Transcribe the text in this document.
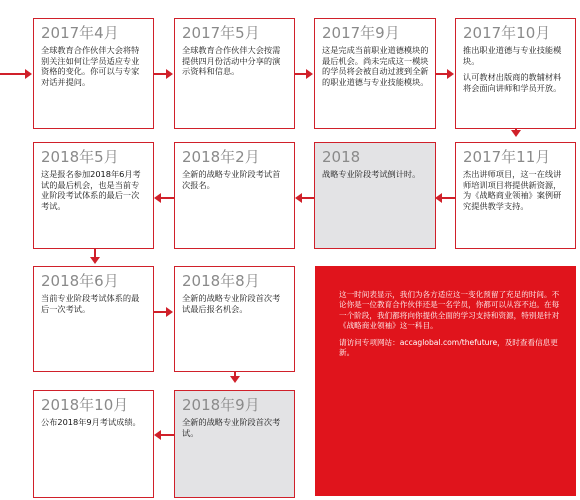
2017年4月
全球教育合作伙伴大会将特别关注如何让学员适应专业资格的变化。你可以与专家对话并提问。
2017年5月
全球教育合作伙伴大会按需提供四月份活动中分享的演示资料和信息。
2017年9月
这是完成当前职业道德模块的最后机会。尚未完成这一模块的学员将会被自动过渡到全新的职业道德与专业技能模块。
2017年10月
推出职业道德与专业技能模块。
认可教材出版商的教辅材料将会面向讲师和学员开放。
2018年5月
这是报名参加2018年6月考试的最后机会，也是当前专业阶段考试体系的最后一次考试。
2018年2月
全新的战略专业阶段考试首次报名。
2018
战略专业阶段考试倒计时。
2017年11月
杰出讲师项目，这一在线讲师培训项目将提供新资源，为《战略商业领袖》案例研究提供教学支持。
2018年6月
当前专业阶段考试体系的最后一次考试。
2018年8月
全新的战略专业阶段首次考试最后报名机会。

这一时间表显示，我们为各方适应这一变化预留了充足的时间。不论你是一位教育合作伙伴还是一名学员，你都可以从容不迫。在每一个阶段，我们都将向你提供全面的学习支持和资源，特别是针对《战略商业领袖》这一科目。

请访问专项网站：accaglobal.com/thefuture，及时查看信息更新。

2018年10月
公布2018年9月考试成绩。
2018年9月
全新的战略专业阶段首次考试。
